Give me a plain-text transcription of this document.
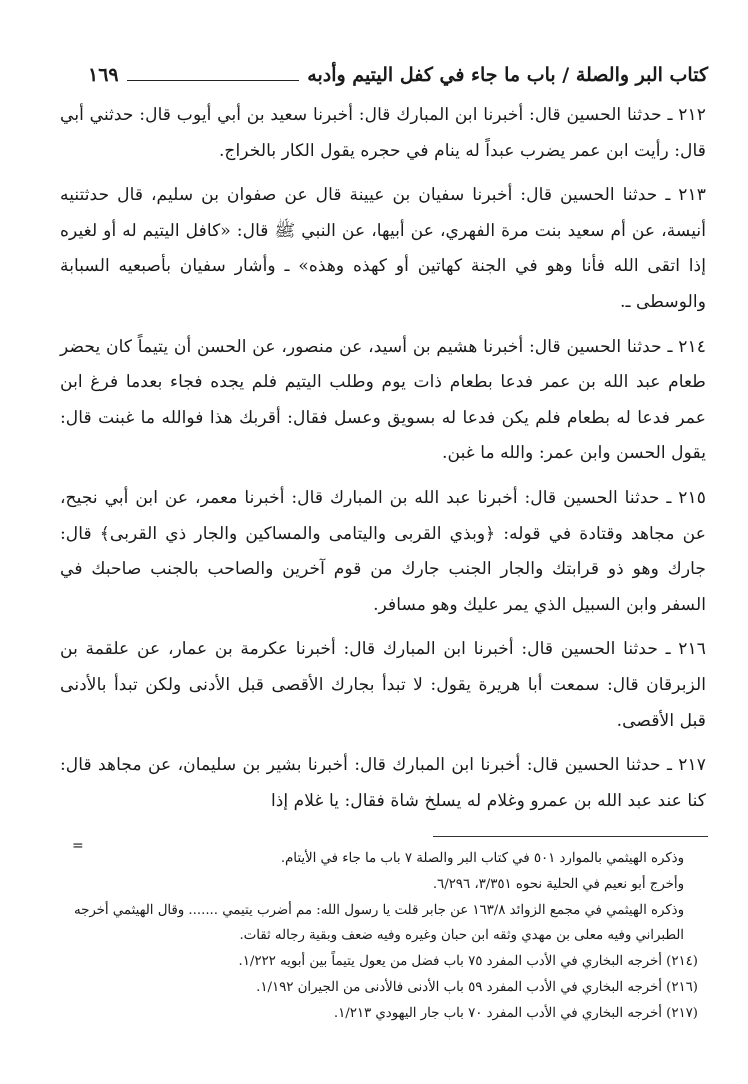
كتاب البر والصلة / باب ما جاء في كفل اليتيم وأدبه
١٦٩

٢١٢ ـ حدثنا الحسين قال: أخبرنا ابن المبارك قال: أخبرنا سعيد بن أبي أيوب قال: حدثني أبي قال: رأيت ابن عمر يضرب عبداً له ينام في حجره يقول الكار بالخراج.

٢١٣ ـ حدثنا الحسين قال: أخبرنا سفيان بن عيينة قال عن صفوان بن سليم، قال حدثتنيه أنيسة، عن أم سعيد بنت مرة الفهري، عن أبيها، عن النبي ﷺ قال: «كافل اليتيم له أو لغيره إذا اتقى الله فأنا وهو في الجنة كهاتين أو كهذه وهذه» ـ وأشار سفيان بأصبعيه السبابة والوسطى ـ.

٢١٤ ـ حدثنا الحسين قال: أخبرنا هشيم بن أسيد، عن منصور، عن الحسن أن يتيماً كان يحضر طعام عبد الله بن عمر فدعا بطعام ذات يوم وطلب اليتيم فلم يجده فجاء بعدما فرغ ابن عمر فدعا له بطعام فلم يكن فدعا له بسويق وعسل فقال: أقربك هذا فوالله ما غبنت قال: يقول الحسن وابن عمر: والله ما غبن.

٢١٥ ـ حدثنا الحسين قال: أخبرنا عبد الله بن المبارك قال: أخبرنا معمر، عن ابن أبي نجيح، عن مجاهد وقتادة في قوله: ﴿وبذي القربى واليتامى والمساكين والجار ذي القربى﴾ قال: جارك وهو ذو قرابتك والجار الجنب جارك من قوم آخرين والصاحب بالجنب صاحبك في السفر وابن السبيل الذي يمر عليك وهو مسافر.

٢١٦ ـ حدثنا الحسين قال: أخبرنا ابن المبارك قال: أخبرنا عكرمة بن عمار، عن علقمة بن الزبرقان قال: سمعت أبا هريرة يقول: لا تبدأ بجارك الأقصى قبل الأدنى ولكن تبدأ بالأدنى قبل الأقصى.

٢١٧ ـ حدثنا الحسين قال: أخبرنا ابن المبارك قال: أخبرنا بشير بن سليمان، عن مجاهد قال: كنا عند عبد الله بن عمرو وغلام له يسلخ شاة فقال: يا غلام إذا

=

وذكره الهيثمي بالموارد ٥٠١ في كتاب البر والصلة ٧ باب ما جاء في الأيتام.

وأخرج أبو نعيم في الحلية نحوه ٣/٣٥١، ٦/٢٩٦.

وذكره الهيثمي في مجمع الزوائد ١٦٣/٨ عن جابر قلت يا رسول الله: مم أضرب يتيمي ....... وقال الهيثمي أخرجه الطبراني وفيه معلى بن مهدي وثقه ابن حبان وغيره وفيه ضعف وبقية رجاله ثقات.

(٢١٤) أخرجه البخاري في الأدب المفرد ٧٥ باب فضل من يعول يتيماً بين أبويه ١/٢٢٢.

(٢١٦) أخرجه البخاري في الأدب المفرد ٥٩ باب الأدنى فالأدنى من الجيران ١/١٩٢.

(٢١٧) أخرجه البخاري في الأدب المفرد ٧٠ باب جار اليهودي ١/٢١٣.
